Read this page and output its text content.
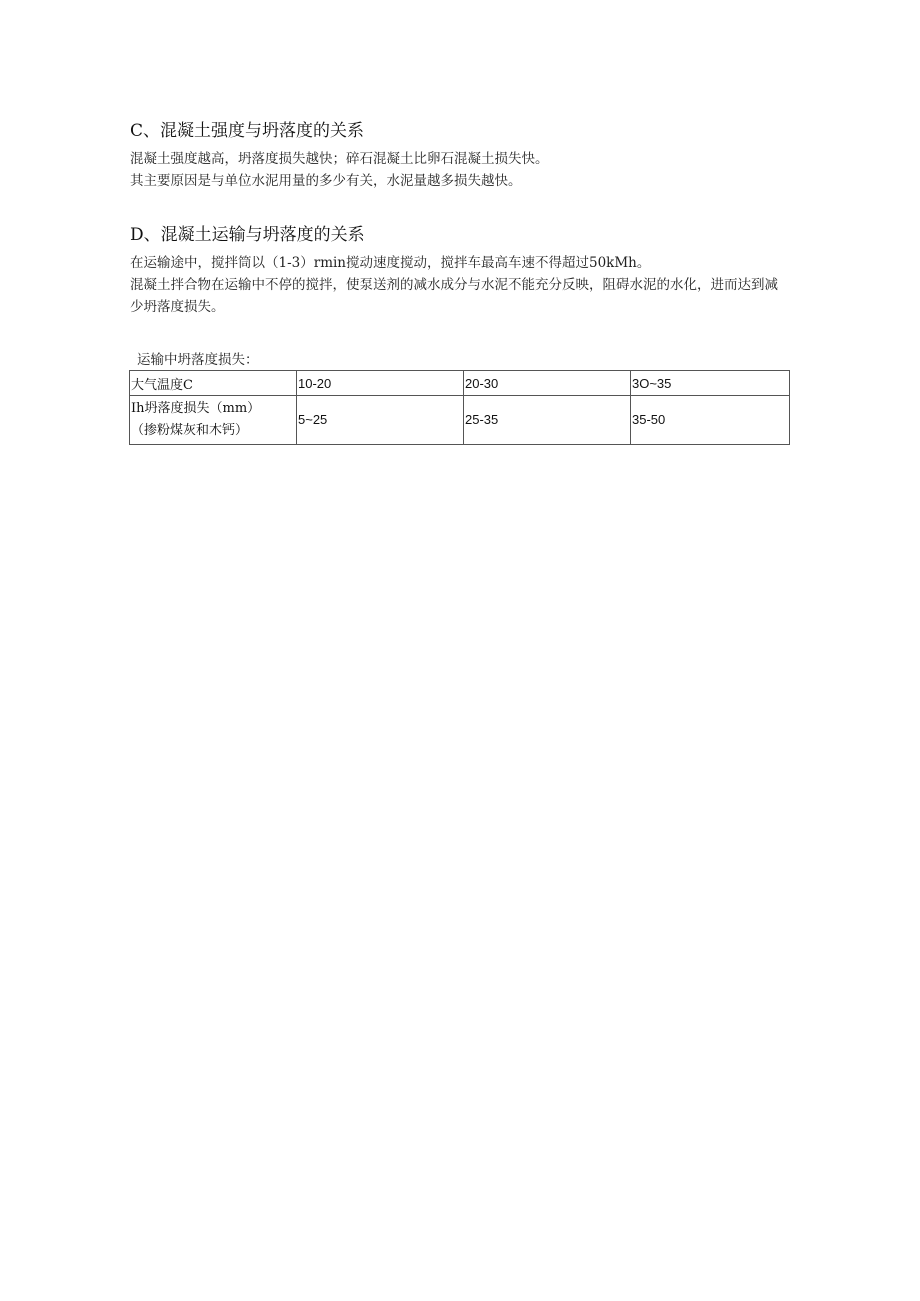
C、混凝土强度与坍落度的关系

混凝土强度越高，坍落度损失越快；碎石混凝土比卵石混凝土损失快。

其主要原因是与单位水泥用量的多少有关，水泥量越多损失越快。

D、混凝土运输与坍落度的关系

在运输途中，搅拌筒以（1-3）rmin搅动速度搅动，搅拌车最高车速不得超过50kMh。

混凝土拌合物在运输中不停的搅拌，使泵送剂的减水成分与水泥不能充分反映，阻碍水泥的水化，进而达到减少坍落度损失。

运输中坍落度损失：
大气温度C	10-20	20-30	3O~35

Ih坍落度损失（mm）
（掺粉煤灰和木钙）	5~25	25-35	35-50
